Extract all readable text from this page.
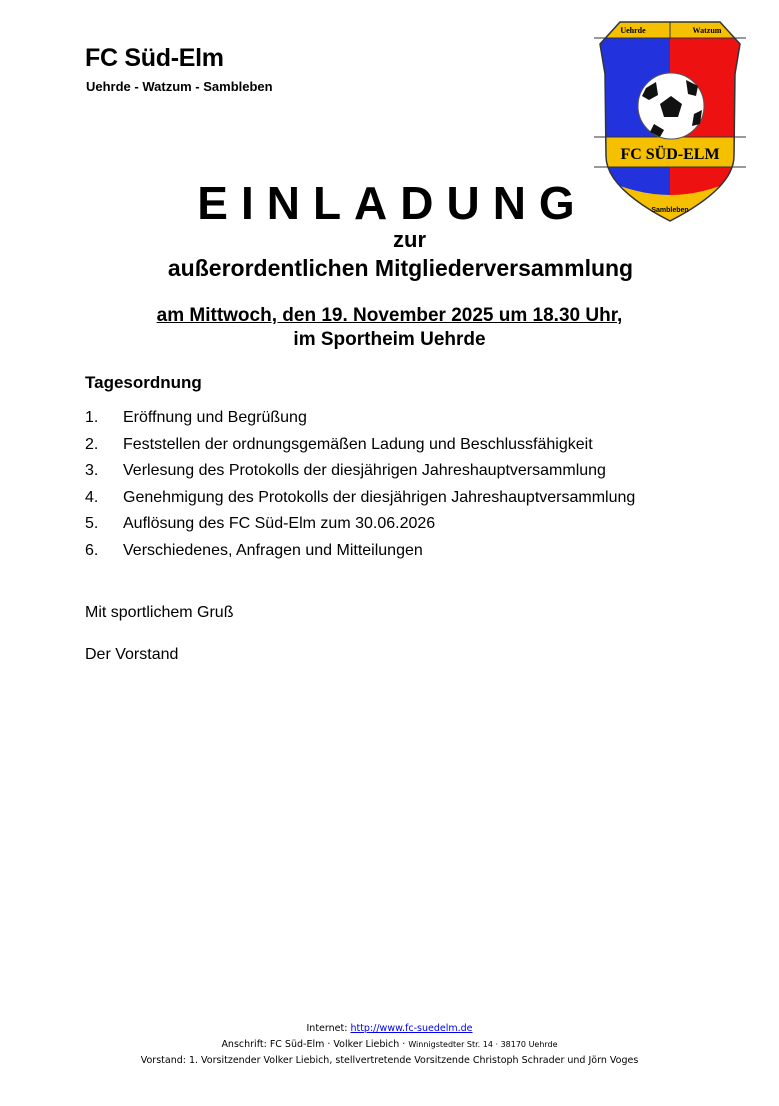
FC Süd-Elm
Uehrde - Watzum - Sambleben
Uehrde	Watzum
FC SÜD-ELM
Sambleben
EINLADUNG
zur
außerordentlichen Mitgliederversammlung
am Mittwoch, den 19. November 2025 um 18.30 Uhr,
im Sportheim Uehrde
Tagesordnung
1.	Eröffnung und Begrüßung
2.	Feststellen der ordnungsgemäßen Ladung und Beschlussfähigkeit
3.	Verlesung des Protokolls der diesjährigen Jahreshauptversammlung
4.	Genehmigung des Protokolls der diesjährigen Jahreshauptversammlung
5.	Auflösung des FC Süd-Elm zum 30.06.2026
6.	Verschiedenes, Anfragen und Mitteilungen
Mit sportlichem Gruß
Der Vorstand
Internet: http://www.fc-suedelm.de
Anschrift: FC Süd-Elm · Volker Liebich · Winnigstedter Str. 14 · 38170 Uehrde
Vorstand: 1. Vorsitzender Volker Liebich, stellvertretende Vorsitzende Christoph Schrader und Jörn Voges
